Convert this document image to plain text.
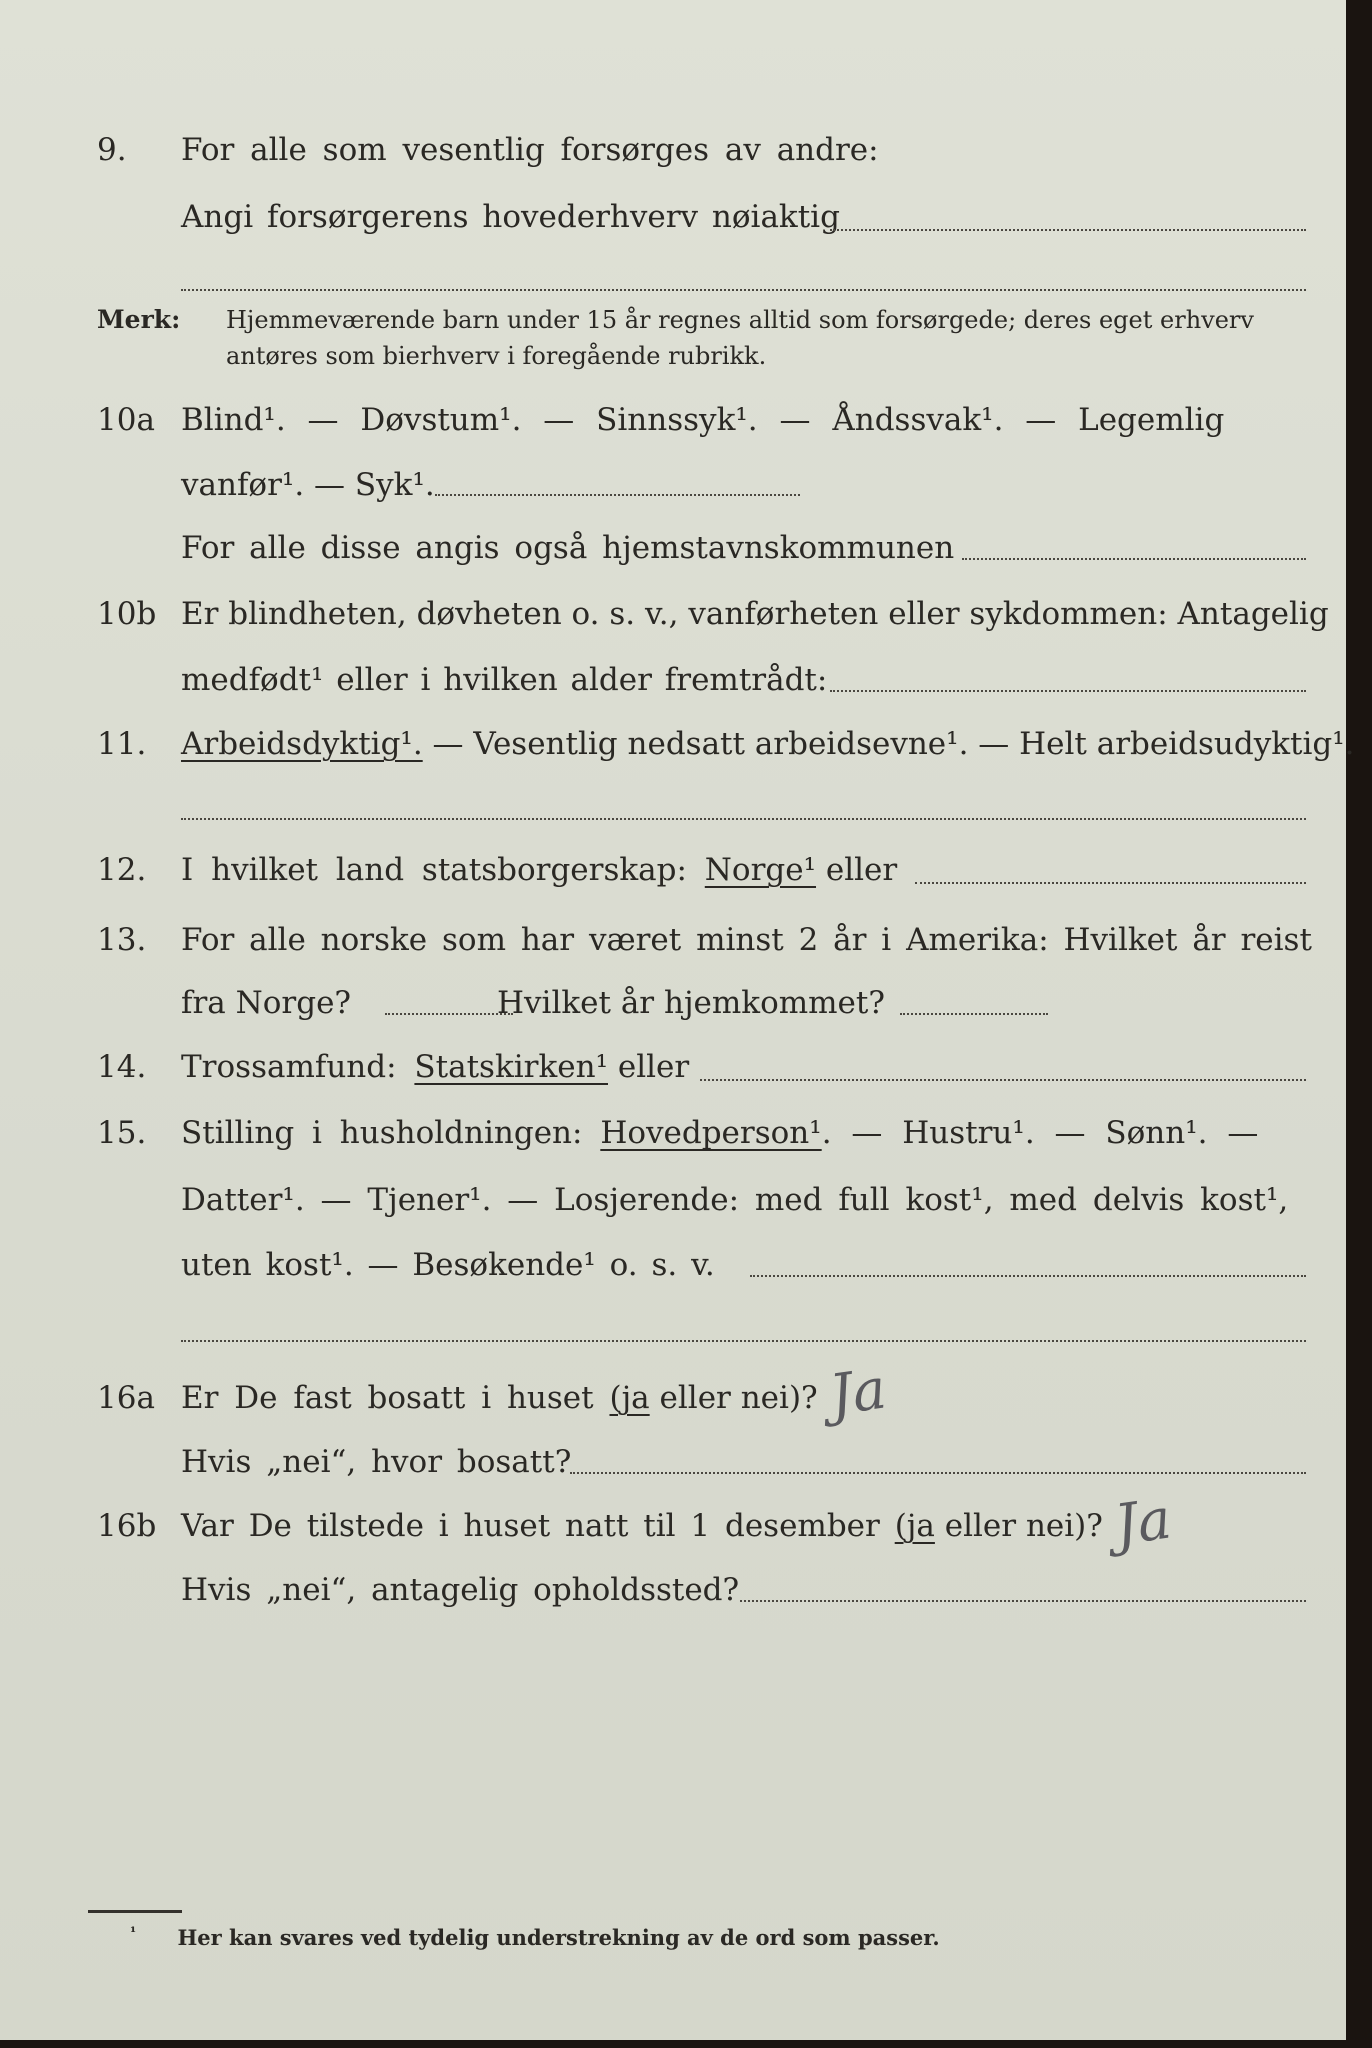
9. For alle som vesentlig forsørges av andre:
Angi forsørgerens hovederhverv nøiaktig
Merk: Hjemmeværende barn under 15 år regnes alltid som forsørgede; deres eget erhverv
antøres som bierhverv i foregående rubrikk.
10a Blind¹. — Døvstum¹. — Sinnssyk¹. — Åndssvak¹. — Legemlig
vanfør¹. — Syk¹.
For alle disse angis også hjemstavnskommunen
10b Er blindheten, døvheten o. s. v., vanførheten eller sykdommen: Antagelig
medfødt¹ eller i hvilken alder fremtrådt:
11. Arbeidsdyktig¹. — Vesentlig nedsatt arbeidsevne¹. — Helt arbeidsudyktig¹.
12. I hvilket land statsborgerskap: Norge¹ eller
13. For alle norske som har været minst 2 år i Amerika: Hvilket år reist
fra Norge?	Hvilket år hjemkommet?
14. Trossamfund: Statskirken¹ eller
15. Stilling i husholdningen: Hovedperson¹ . — Hustru¹. — Sønn¹. —
Datter¹. — Tjener¹. — Losjerende: med full kost¹, med delvis kost¹,
uten kost¹. — Besøkende¹ o. s. v.
16a Er De fast bosatt i huset (ja eller nei)? Ja
Hvis „nei“, hvor bosatt?
16b Var De tilstede i huset natt til 1 desember (ja eller nei)? Ja
Hvis „nei“, antagelig opholdssted?
$^{^1}$ Her kan svares ved tydelig understrekning av de ord som passer.
